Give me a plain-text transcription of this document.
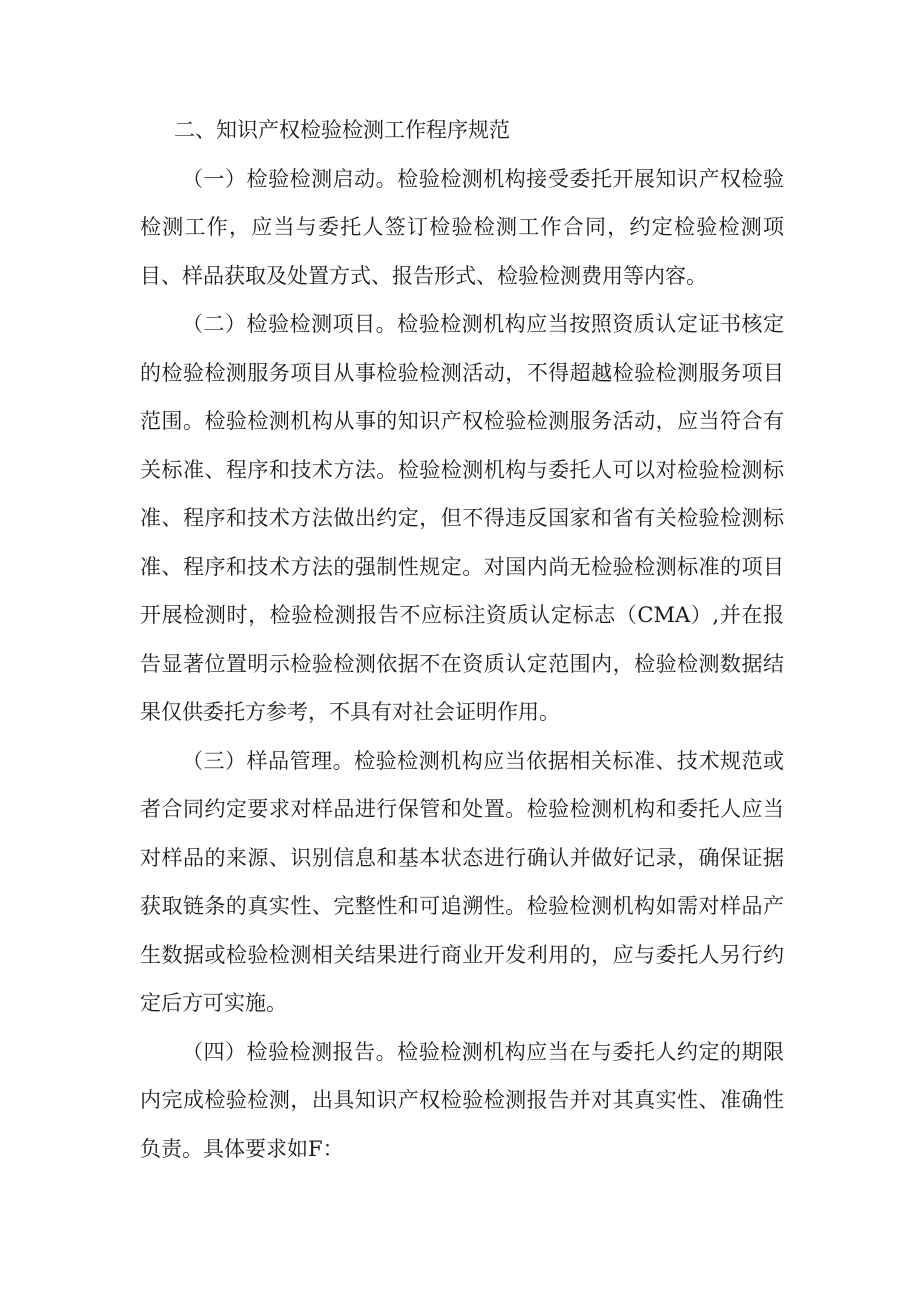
二、知识产权检验检测工作程序规范

（一）检验检测启动。检验检测机构接受委托开展知识产权检验检测工作，应当与委托人签订检验检测工作合同，约定检验检测项目、样品获取及处置方式、报告形式、检验检测费用等内容。

（二）检验检测项目。检验检测机构应当按照资质认定证书核定的检验检测服务项目从事检验检测活动，不得超越检验检测服务项目范围。检验检测机构从事的知识产权检验检测服务活动，应当符合有关标准、程序和技术方法。检验检测机构与委托人可以对检验检测标准、程序和技术方法做出约定，但不得违反国家和省有关检验检测标准、程序和技术方法的强制性规定。对国内尚无检验检测标准的项目开展检测时，检验检测报告不应标注资质认定标志（CMA）,并在报告显著位置明示检验检测依据不在资质认定范围内，检验检测数据结果仅供委托方参考，不具有对社会证明作用。

（三）样品管理。检验检测机构应当依据相关标准、技术规范或者合同约定要求对样品进行保管和处置。检验检测机构和委托人应当对样品的来源、识别信息和基本状态进行确认并做好记录，确保证据获取链条的真实性、完整性和可追溯性。检验检测机构如需对样品产生数据或检验检测相关结果进行商业开发利用的，应与委托人另行约定后方可实施。

（四）检验检测报告。检验检测机构应当在与委托人约定的期限内完成检验检测，出具知识产权检验检测报告并对其真实性、准确性负责。具体要求如F：
